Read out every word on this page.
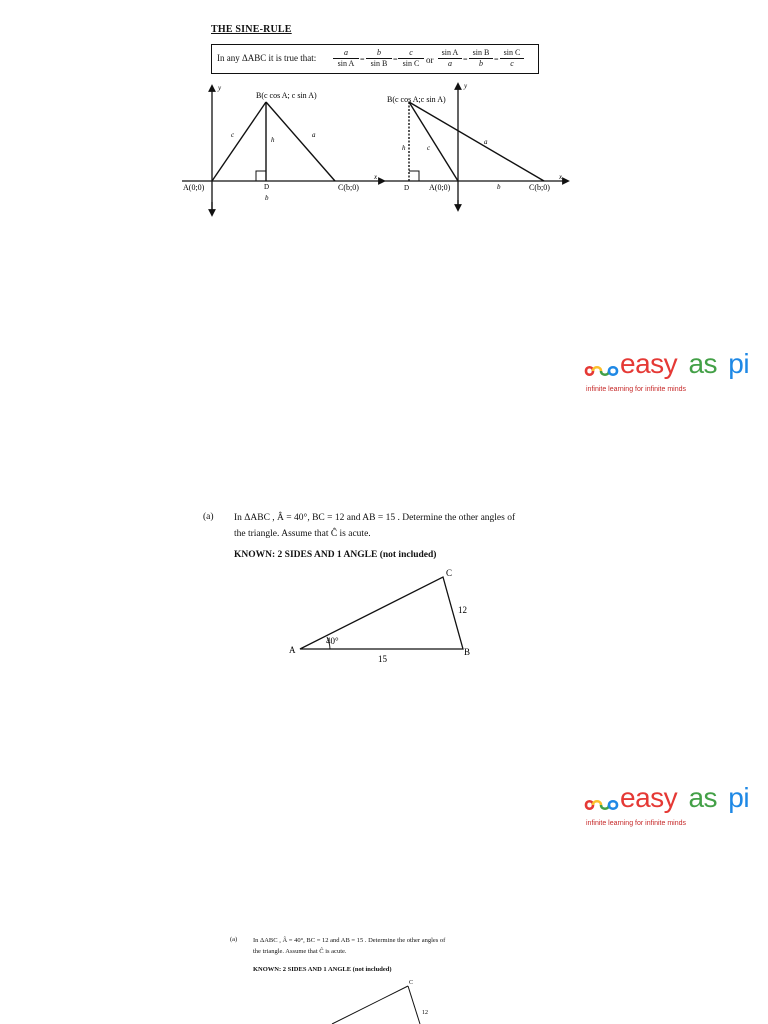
THE SINE-RULE
In any ΔABC it is true that: $\frac{a}{\text{sin A}} = \frac{b}{\text{sin B}} = \frac{c}{\text{sin C}}$ or $\frac{\text{sin A}}{a} = \frac{\text{sin B}}{b} = \frac{\text{sin C}}{c}$
B(c cos A; c sin A)
y
x
A(0;0)	C(b;0)
D
c	a
h
b
B(c cos A;c sin A)
y
x
D A(0;0)	C(b;0)
c
a
h
b
easy as pi
infinite learning for infinite minds
(a) In ΔABC , Â = 40°, BC = 12 and AB = 15 . Determine the other angles of
the triangle. Assume that Ĉ is acute.
KNOWN: 2 SIDES AND 1 ANGLE (not included)
C
A	B
40°
12
15
easy as pi
infinite learning for infinite minds
(a) In ΔABC , Â = 40°, BC = 12 and AB = 15 . Determine the other angles of
the triangle. Assume that Ĉ is acute.
KNOWN: 2 SIDES AND 1 ANGLE (not included)
C
12
